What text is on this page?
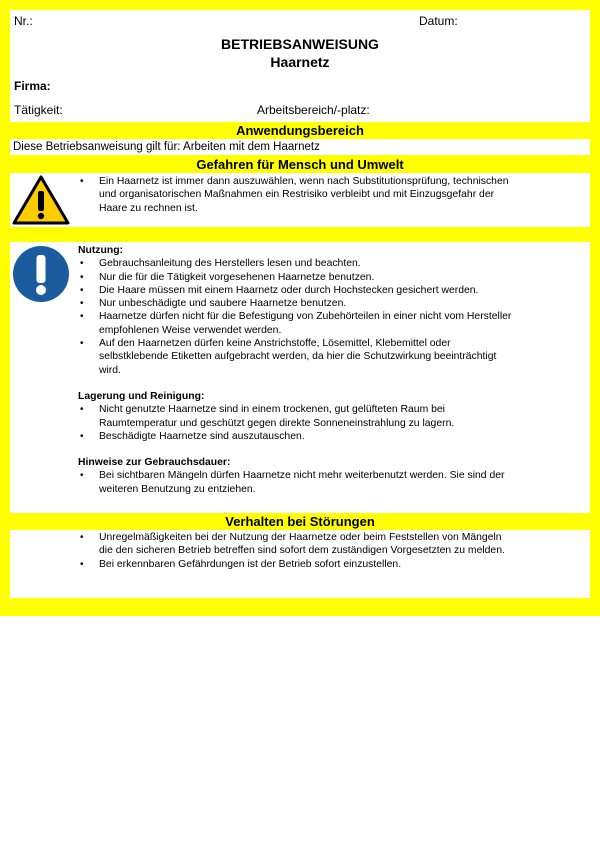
Nr.:	Datum:
BETRIEBSANWEISUNG
Haarnetz
Firma:
Tätigkeit:	Arbeitsbereich/-platz:
Anwendungsbereich
Diese Betriebsanweisung gilt für: Arbeiten mit dem Haarnetz
Gefahren für Mensch und Umwelt
• Ein Haarnetz ist immer dann auszuwählen, wenn nach Substitutionsprüfung, technischen und organisatorischen Maßnahmen ein Restrisiko verbleibt und mit Einzugsgefahr der Haare zu rechnen ist.
Nutzung:
• Gebrauchsanleitung des Herstellers lesen und beachten.
• Nur die für die Tätigkeit vorgesehenen Haarnetze benutzen.
• Die Haare müssen mit einem Haarnetz oder durch Hochstecken gesichert werden.
• Nur unbeschädigte und saubere Haarnetze benutzen.
• Haarnetze dürfen nicht für die Befestigung von Zubehörteilen in einer nicht vom Hersteller empfohlenen Weise verwendet werden.
• Auf den Haarnetzen dürfen keine Anstrichstoffe, Lösemittel, Klebemittel oder selbstklebende Etiketten aufgebracht werden, da hier die Schutzwirkung beeinträchtigt wird.
Lagerung und Reinigung:
• Nicht genutzte Haarnetze sind in einem trockenen, gut gelüfteten Raum bei Raumtemperatur und geschützt gegen direkte Sonneneinstrahlung zu lagern.
• Beschädigte Haarnetze sind auszutauschen.
Hinweise zur Gebrauchsdauer:
• Bei sichtbaren Mängeln dürfen Haarnetze nicht mehr weiterbenutzt werden. Sie sind der weiteren Benutzung zu entziehen.
Verhalten bei Störungen
• Unregelmäßigkeiten bei der Nutzung der Haarnetze oder beim Feststellen von Mängeln die den sicheren Betrieb betreffen sind sofort dem zuständigen Vorgesetzten zu melden.
• Bei erkennbaren Gefährdungen ist der Betrieb sofort einzustellen.
